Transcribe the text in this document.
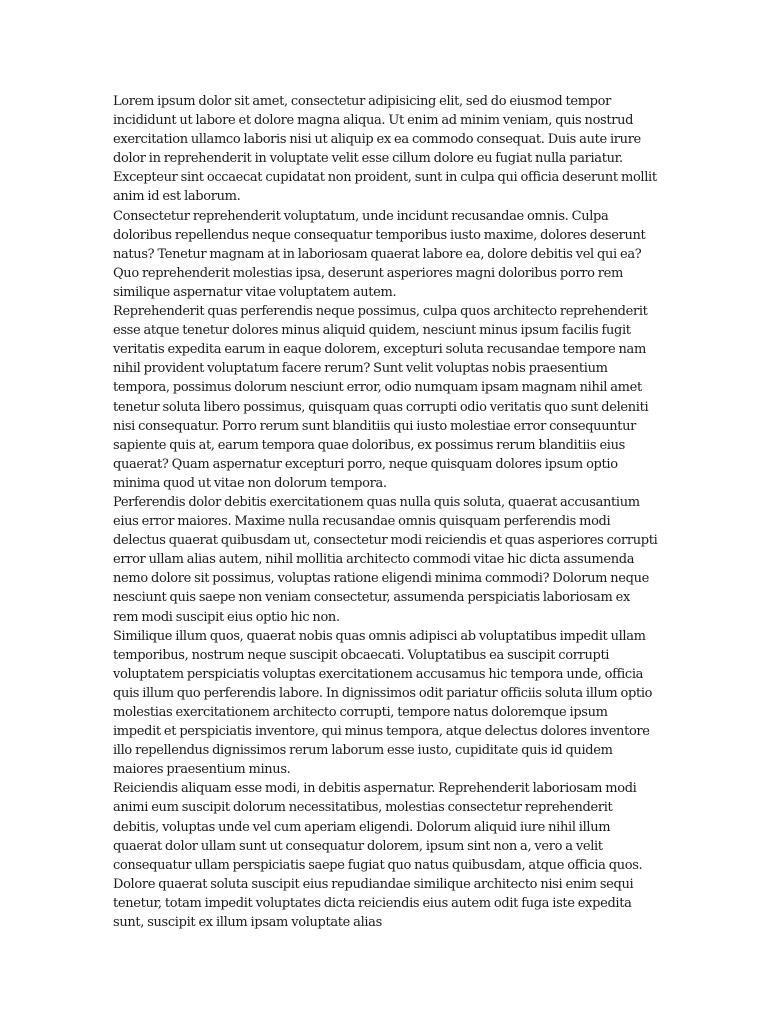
Lorem ipsum dolor sit amet, consectetur adipisicing elit, sed do eiusmod tempor incididunt ut labore et dolore magna aliqua. Ut enim ad minim veniam, quis nostrud exercitation ullamco laboris nisi ut aliquip ex ea commodo consequat. Duis aute irure dolor in reprehenderit in voluptate velit esse cillum dolore eu fugiat nulla pariatur. Excepteur sint occaecat cupidatat non proident, sunt in culpa qui officia deserunt mollit anim id est laborum.

Consectetur reprehenderit voluptatum, unde incidunt recusandae omnis. Culpa doloribus repellendus neque consequatur temporibus iusto maxime, dolores deserunt natus? Tenetur magnam at in laboriosam quaerat labore ea, dolore debitis vel qui ea? Quo reprehenderit molestias ipsa, deserunt asperiores magni doloribus porro rem similique aspernatur vitae voluptatem autem.

Reprehenderit quas perferendis neque possimus, culpa quos architecto reprehenderit esse atque tenetur dolores minus aliquid quidem, nesciunt minus ipsum facilis fugit veritatis expedita earum in eaque dolorem, excepturi soluta recusandae tempore nam nihil provident voluptatum facere rerum? Sunt velit voluptas nobis praesentium tempora, possimus dolorum nesciunt error, odio numquam ipsam magnam nihil amet tenetur soluta libero possimus, quisquam quas corrupti odio veritatis quo sunt deleniti nisi consequatur. Porro rerum sunt blanditiis qui iusto molestiae error consequuntur sapiente quis at, earum tempora quae doloribus, ex possimus rerum blanditiis eius quaerat? Quam aspernatur excepturi porro, neque quisquam dolores ipsum optio minima quod ut vitae non dolorum tempora.

Perferendis dolor debitis exercitationem quas nulla quis soluta, quaerat accusantium eius error maiores. Maxime nulla recusandae omnis quisquam perferendis modi delectus quaerat quibusdam ut, consectetur modi reiciendis et quas asperiores corrupti error ullam alias autem, nihil mollitia architecto commodi vitae hic dicta assumenda nemo dolore sit possimus, voluptas ratione eligendi minima commodi? Dolorum neque nesciunt quis saepe non veniam consectetur, assumenda perspiciatis laboriosam ex rem modi suscipit eius optio hic non.

Similique illum quos, quaerat nobis quas omnis adipisci ab voluptatibus impedit ullam temporibus, nostrum neque suscipit obcaecati. Voluptatibus ea suscipit corrupti voluptatem perspiciatis voluptas exercitationem accusamus hic tempora unde, officia quis illum quo perferendis labore. In dignissimos odit pariatur officiis soluta illum optio molestias exercitationem architecto corrupti, tempore natus doloremque ipsum impedit et perspiciatis inventore, qui minus tempora, atque delectus dolores inventore illo repellendus dignissimos rerum laborum esse iusto, cupiditate quis id quidem maiores praesentium minus.

Reiciendis aliquam esse modi, in debitis aspernatur. Reprehenderit laboriosam modi animi eum suscipit dolorum necessitatibus, molestias consectetur reprehenderit debitis, voluptas unde vel cum aperiam eligendi. Dolorum aliquid iure nihil illum quaerat dolor ullam sunt ut consequatur dolorem, ipsum sint non a, vero a velit consequatur ullam perspiciatis saepe fugiat quo natus quibusdam, atque officia quos. Dolore quaerat soluta suscipit eius repudiandae similique architecto nisi enim sequi tenetur, totam impedit voluptates dicta reiciendis eius autem odit fuga iste expedita sunt, suscipit ex illum ipsam voluptate alias
